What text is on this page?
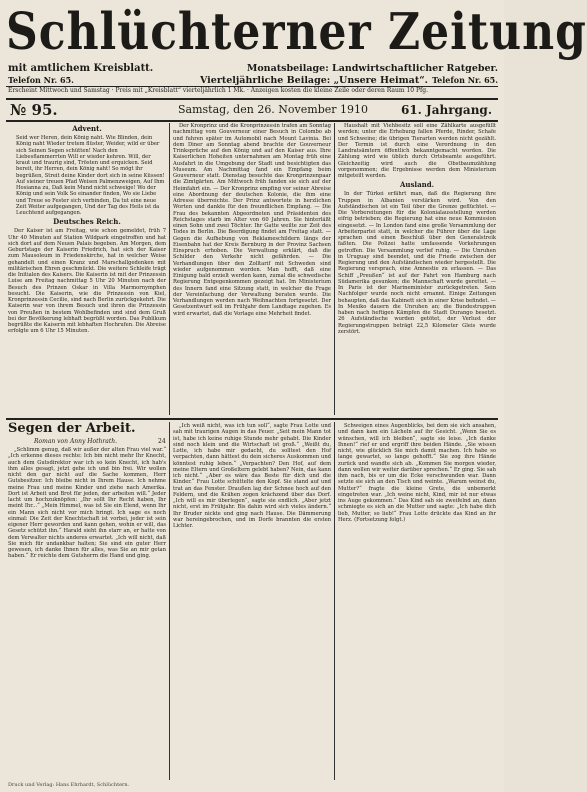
Schlüchterner Zeitung
mit amtlichem Kreisblatt.	Monatsbeilage: Landwirtschaftlicher Ratgeber.
Telefon Nr. 65.	Vierteljährliche Beilage: „Unsere Heimat“. Telefon Nr. 65.
Erscheint Mittwoch und Samstag · Preis mit „Kreisblatt“ vierteljährlich 1 Mk. · Anzeigen kosten die kleine Zeile oder deren Raum 10 Pfg.
№ 95.	Samstag, den 26. November 1910	61. Jahrgang.
Advent.

Seid wer Heren, dein König naht. Wie Blinden, dein König naht Wieder tretem flüster, Weider, wild er über sich Seinen Segen schütten! Nach den Liebesflammerrten Will er wieder kehren. Will, der kraut und traurig sind, Trösten und erquicken. Seid bereit, ihr Herren, dein König naht! So mögt ihr begrüßen, Streit deine Kinder dort sich in seine Küssen! Auf sieiner treuen Pfad Weisen Palmenzweigen, Auf Ihm Hosianna zu, Daß kein Mund nicht schweige! Wo der König und sein Volk So einander finden, Wo sie Liebe und Treue so Fester sich verbinden, Da tut eine neue Zeit Weiter aufgegangen, Und der Tag des Heils ist da Leuchtend aufgegangen.

Deutsches Reich.

Der Kaiser ist am Freitag, wie schon gemeldet, früh 7 Uhr 40 Minuten auf Station Wildpark eingetroffen und hat sich dort auf dem Neuen Palais begeben. Am Morgen, dem Geburtstage der Kaiserin Friedrich, hat sich der Kaiser zum Mausoleum in Friedenskirche, hat in welcher Weise gehandelt und einen Kranz und Marschallgedenken mit militärischen Ehren geschmückt. Die weitere Schleife trägt die Initialen des Kaisers. Die Kaiserin ist mit der Prinzessin Luise am Freitag nachmittag 5 Uhr 20 Minuten nach der Besuch des Prinzen Oskar in Villa Marmornymphen besucht. Die Kaiserin, wie die Prinzessin von Kiel, Kronprinzessin Cecilie, sind nach Berlin zurückgekehrt. Die Kaiserin war von ihrem Besuch und ihren die Prinzessin von Preußen in bestem Wohlbefinden und sind dem Gruß bei der Bevölkerung lebhaft begrüßt worden. Das Publikum begrüßte die Kaiserin mit lebhaften Hochrufen. Die Abreise erfolgte um 6 Uhr 15 Minuten.

Der Kronprinz und die Kronprinzessin trafen am Sonntag nachmittag vom Gouverneur einer Besuch in Colombo ab und fuhren später im Automobil nach Mount Lavinia. Bei dem Diner am Sonntag abend brachte der Gouverneur Trinksprüche auf den König und auf den Kaiser aus. Ihre Kaiserlichen Hoheiten unternahmen am Montag früh eine Ausfahrt in die Umgebung der Stadt und besichtigten das Museum. Am Nachmittag fand ein Empfang beim Gouverneur statt. Dienstag besuchte das Kronprinzenpaar die Zimtgärten. Am Mittwoch früh fanden sie sich auf der Heimfahrt ein. — Der Kronprinz empfing vor seiner Abreise eine Abordnung der deutschen Kolonie, die ihm eine Adresse überreichte. Der Prinz antwortete in herzlichen Worten und dankte für den freundlichen Empfang. — Die Frau des bekannten Abgeordneten und Präsidenten des Reichstages starb im Alter von 60 Jahren. Sie hinterläßt einen Sohn und zwei Töchter. Ihr Gatte weilte zur Zeit des Todes in Berlin. Die Beerdigung findet am Freitag statt. — Gegen die Aufhebung von Reklameschildern längs der Eisenbahn hat der Kreis Bernburg in der Provinz Sachsen Einspruch erhoben. Die Verwaltung erklärt, daß die Schilder den Verkehr nicht gefährden. — Die Verhandlungen über den Zolltarif mit Schweden sind wieder aufgenommen worden. Man hofft, daß eine Einigung bald erzielt werden kann, zumal die schwedische Regierung Entgegenkommen gezeigt hat. Im Ministerium des Innern fand eine Sitzung statt, in welcher die Frage der Vereinfachung der Verwaltung beraten wurde. Die Verhandlungen werden nach Weihnachten fortgesetzt. Der Gesetzentwurf soll im Frühjahr dem Landtage zugehen. Es wird erwartet, daß die Vorlage eine Mehrheit findet.

Haushalt mit Viehbesitz soll eine Zählkarte ausgefüllt werden; unter die Erhebung fallen Pferde, Rinder, Schafe und Schweine; die übrigen Tierarten werden nicht gezählt. Der Termin ist durch eine Verordnung in den Landratsämtern öffentlich bekanntgemacht worden. Die Zählung wird wie üblich durch Ortsbeamte ausgeführt. Gleichzeitig wird auch die Obstbaumzählung vorgenommen; die Ergebnisse werden dem Ministerium mitgeteilt werden.

Ausland.

In der Türkei erfährt man, daß die Regierung ihre Truppen in Albanien verstärken wird. Von den Aufständischen ist ein Teil über die Grenze geflüchtet. — Die Vorbereitungen für die Kolonialausstellung werden eifrig betrieben; die Regierung hat eine neue Kommission eingesetzt. — In London fand eine große Versammlung der Arbeiterpartei statt, in welcher die Führer über die Lage sprachen und einen Beschluß über den Generalstreik faßten. Die Polizei hatte umfassende Vorkehrungen getroffen. Die Versammlung verlief ruhig. — Die Unruhen in Uruguay sind beendet, und die Friede zwischen der Regierung und den Aufständischen wieder hergestellt. Die Regierung versprach, eine Amnestie zu erlassen. — Das Schiff „Preußen“ ist auf der Fahrt von Hamburg nach Südamerika gesunken; die Mannschaft wurde gerettet. — In Paris ist der Marineminister zurückgetreten. Sein Nachfolger wurde noch nicht ernannt. Einige Zeitungen behaupten, daß das Kabinett sich in einer Krise befindet. — In Mexiko dauern die Unruhen an; die Bundestruppen haben nach heftigen Kämpfen die Stadt Durango besetzt. 26 Aufständische wurden getötet, der Verlust der Regierungstruppen beträgt 22,5 Kilometer Gleis wurde zerstört.

Segen der Arbeit.
Roman von Anny Hothrath.	24

„Schlimm genug, daß wir außer der alten Frau viel war.“ „Ich erkenne dieses rechte: Ich bin nicht mehr Ihr Knecht, auch dem Gutsdirektor war ich so kein Knecht, ich hab's ihm alles gesagt, jetzt gehe ich und bin frei. Wir wollen nicht den gar nicht auf die Sache kommen, Herr Gutsbesitzer. Ich bleibe nicht in Ihrem Hause. Ich nehme meine Frau und meine Kinder und ziehe nach Amerika. Dort ist Arbeit und Brot für jeden, der arbeiten will.“ Jeder lacht um hochzuknöpfen: „Ihr sollt Ihr Recht haben, Ihr meint Ihr...“ „Mein Himmel, was ist Sie ein Elend, wenn Ihr ein Mann sich nicht vor mich bringt. Ich sage es noch einmal: Die Zeit der Knechtschaft ist vorbei, jeder ist sein eigener Herr geworden und kann gehen, wohin er will, das Gesetz schützt ihn.“ Harald sieht ihn starr an, er hatte von dem Verwalter nichts anderes erwartet. „Ich will nicht, daß Sie mich für undankbar halten; Sie sind ein guter Herr gewesen, ich danke Ihnen für alles, was Sie an mir getan haben.“ Er reichte dem Gutsherrn die Hand und ging.

„Ich weiß nicht, was ich tun soll“, sagte Frau Lotte und sah mit traurigen Augen in das Feuer. „Seit mein Mann tot ist, habe ich keine ruhige Stunde mehr gehabt. Die Kinder sind noch klein und die Wirtschaft ist groß.“ „Weißt du, Lotte, ich habe mir gedacht, du solltest den Hof verpachten, dann hättest du dein sicheres Auskommen und könntest ruhig leben.“ „Verpachten? Den Hof, auf dem meine Eltern und Großeltern gelebt haben? Nein, das kann ich nicht.“ „Aber es wäre das Beste für dich und die Kinder.“ Frau Lotte schüttelte den Kopf. Sie stand auf und trat an das Fenster. Draußen lag der Schnee hoch auf den Feldern, und die Krähen zogen krächzend über das Dorf. „Ich will es mir überlegen“, sagte sie endlich. „Aber jetzt nicht, erst im Frühjahr. Bis dahin wird sich vieles ändern.“ Ihr Bruder nickte und ging nach Hause. Die Dämmerung war hereingebrochen, und im Dorfe brannten die ersten Lichter.

Schweigen eines Augenblicks, bei dem sie sich ansahen, und dann kam ein Lächeln auf ihr Gesicht. „Wenn Sie es wünschen, will ich bleiben“, sagte sie leise. „Ich danke Ihnen!“ rief er und ergriff ihre beiden Hände. „Sie wissen nicht, wie glücklich Sie mich damit machen. Ich habe so lange gewartet, so lange gehofft.“ Sie zog ihre Hände zurück und wandte sich ab. „Kommen Sie morgen wieder, dann wollen wir weiter darüber sprechen.“ Er ging. Sie sah ihm nach, bis er um die Ecke verschwunden war. Dann setzte sie sich an den Tisch und weinte. „Warum weinst du, Mutter?“ fragte die kleine Grete, die unbemerkt eingetreten war. „Ich weine nicht, Kind, mir ist nur etwas ins Auge gekommen.“ Das Kind sah sie zweifelnd an, dann schmiegte es sich an die Mutter und sagte: „Ich habe dich lieb, Mutter, so lieb!“ Frau Lotte drückte das Kind an ihr Herz. (Fortsetzung folgt.)

Druck und Verlag: Hans Ehrhardt, Schlüchtern.
